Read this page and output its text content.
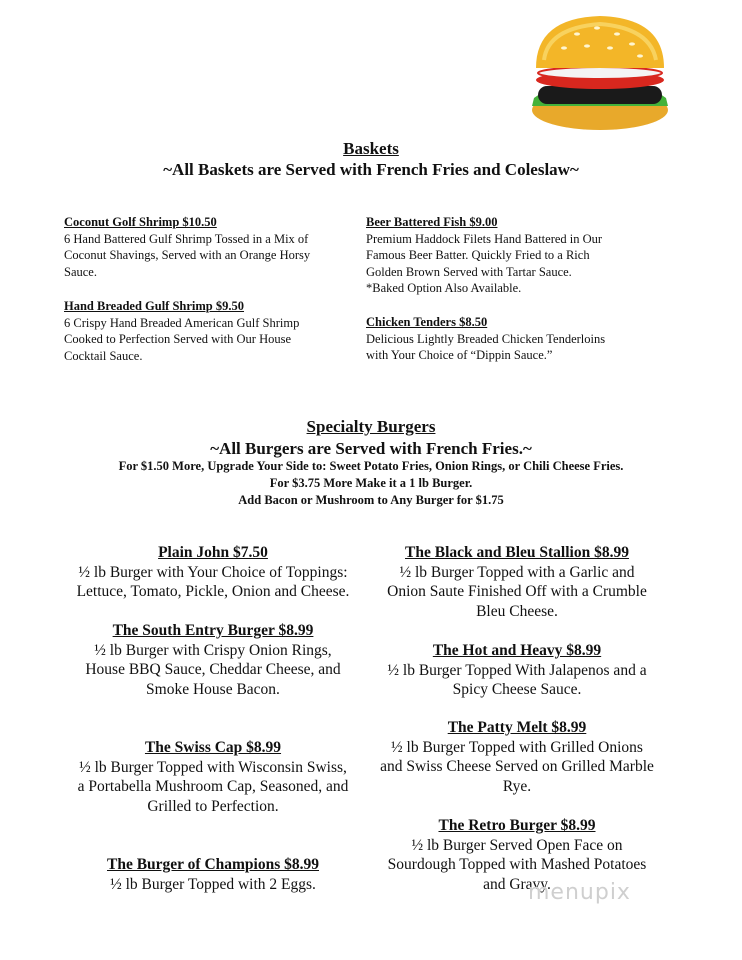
Baskets
~All Baskets are Served with French Fries and Coleslaw~
Coconut Golf Shrimp $10.50
6 Hand Battered Gulf Shrimp Tossed in a Mix of
Coconut Shavings, Served with an Orange Horsy
Sauce.
Hand Breaded Gulf Shrimp $9.50
6 Crispy Hand Breaded American Gulf Shrimp
Cooked to Perfection Served with Our House
Cocktail Sauce.
Beer Battered Fish $9.00
Premium Haddock Filets Hand Battered in Our
Famous Beer Batter. Quickly Fried to a Rich
Golden Brown Served with Tartar Sauce.
*Baked Option Also Available.
Chicken Tenders $8.50
Delicious Lightly Breaded Chicken Tenderloins
with Your Choice of “Dippin Sauce.”
Specialty Burgers
~All Burgers are Served with French Fries.~
For $1.50 More, Upgrade Your Side to: Sweet Potato Fries, Onion Rings, or Chili Cheese Fries.
For $3.75 More Make it a 1 lb Burger.
Add Bacon or Mushroom to Any Burger for $1.75
Plain John $7.50
½ lb Burger with Your Choice of Toppings:
Lettuce, Tomato, Pickle, Onion and Cheese.
The South Entry Burger $8.99
½ lb Burger with Crispy Onion Rings,
House BBQ Sauce, Cheddar Cheese, and
Smoke House Bacon.
The Swiss Cap $8.99
½ lb Burger Topped with Wisconsin Swiss,
a Portabella Mushroom Cap, Seasoned, and
Grilled to Perfection.
The Burger of Champions $8.99
½ lb Burger Topped with 2 Eggs.
The Black and Bleu Stallion $8.99
½ lb Burger Topped with a Garlic and
Onion Saute Finished Off with a Crumble
Bleu Cheese.
The Hot and Heavy $8.99
½ lb Burger Topped With Jalapenos and a
Spicy Cheese Sauce.
The Patty Melt $8.99
½ lb Burger Topped with Grilled Onions
and Swiss Cheese Served on Grilled Marble
Rye.
The Retro Burger $8.99
½ lb Burger Served Open Face on
Sourdough Topped with Mashed Potatoes
and Gravy.
menupix
